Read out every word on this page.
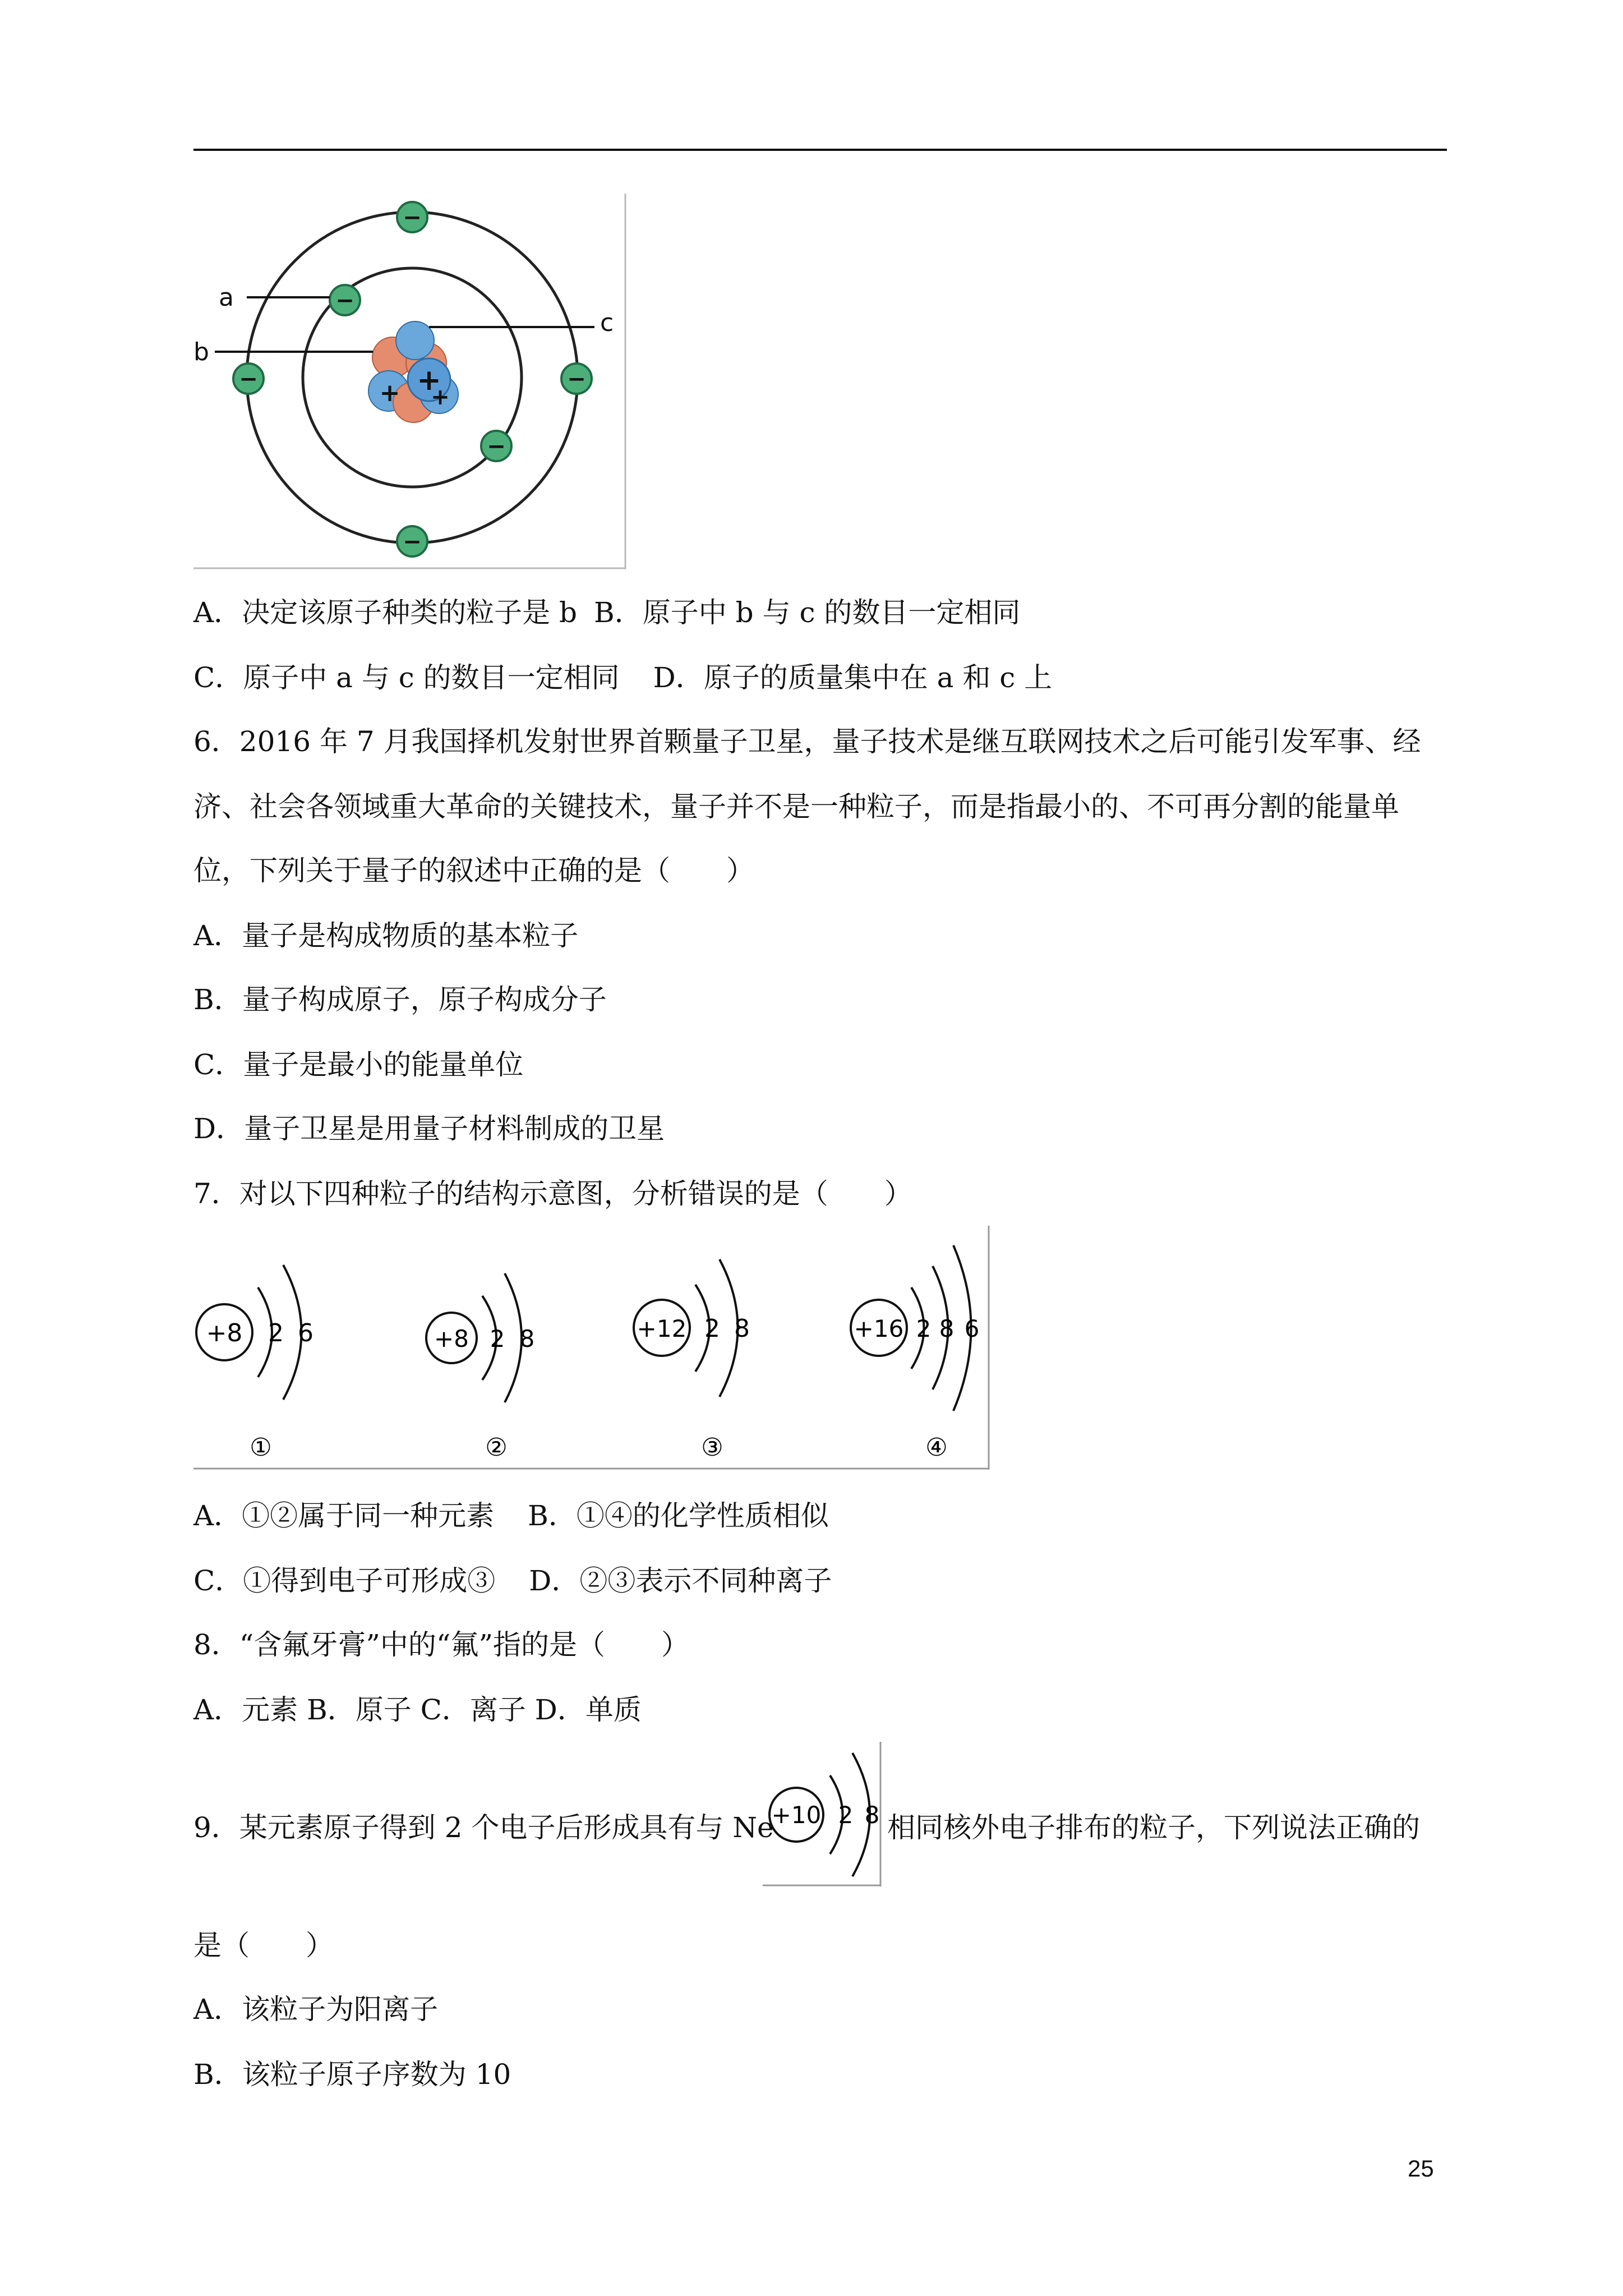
+
+ +
−
−
−	−
−
−
a
b
c
A．决定该原子种类的粒子是 b B．原子中 b 与 c 的数目一定相同
C．原子中 a 与 c 的数目一定相同 D．原子的质量集中在 a 和 c 上
6．2016 年 7 月我国择机发射世界首颗量子卫星，量子技术是继互联网技术之后可能引发军事、经
济、社会各领域重大革命的关键技术，量子并不是一种粒子，而是指最小的、不可再分割的能量单
位，下列关于量子的叙述中正确的是（　　）
A．量子是构成物质的基本粒子
B．量子构成原子，原子构成分子
C．量子是最小的能量单位
D．量子卫星是用量子材料制成的卫星
7．对以下四种粒子的结构示意图，分析错误的是（　　）
+8 2 6
①
+8 2 8
②
+12 2 8
③
+16 2 8 6
④
A．①②属于同一种元素 B．①④的化学性质相似
C．①得到电子可形成③ D．②③表示不同种离子
8．“含氟牙膏”中的“氟”指的是（　　）
A．元素 B．原子 C．离子 D．单质
9．某元素原子得到 2 个电子后形成具有与 Ne
+10 2 8 相同核外电子排布的粒子，下列说法正确的
是（　　）
A．该粒子为阳离子
B．该粒子原子序数为 10
25
